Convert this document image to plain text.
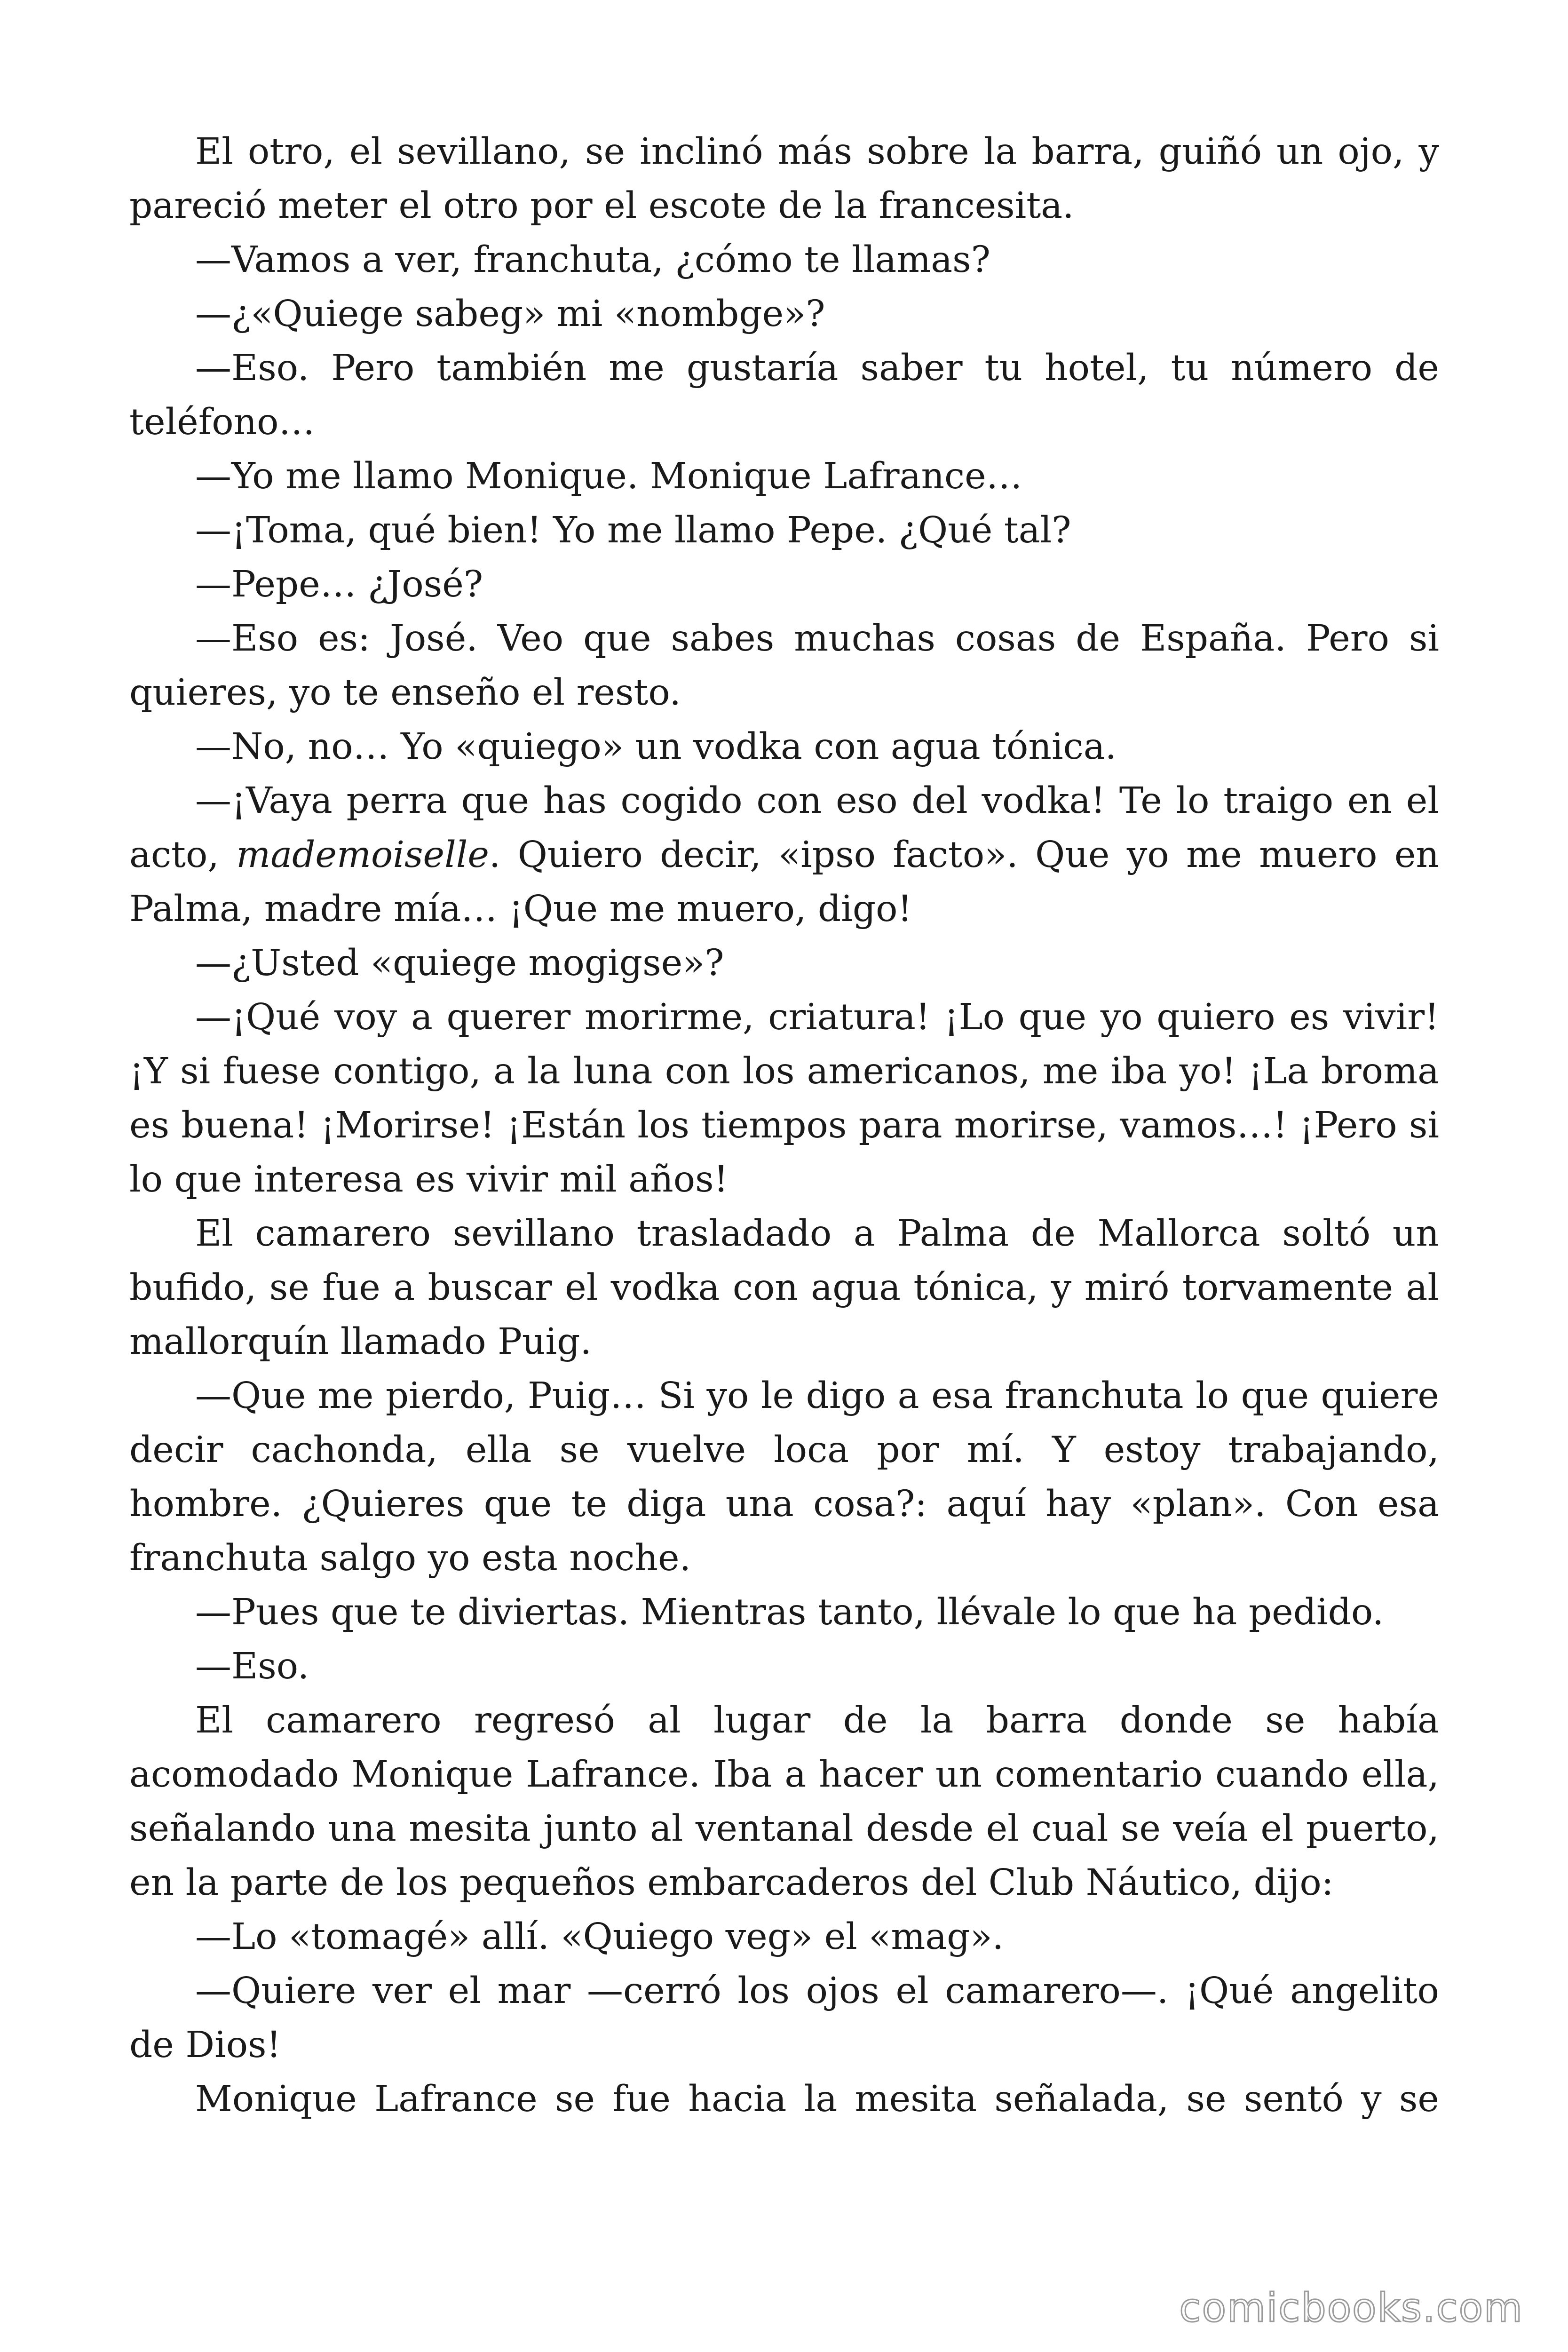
El otro, el sevillano, se inclinó más sobre la barra, guiñó un ojo, y pareció meter el otro por el escote de la francesita.

—Vamos a ver, franchuta, ¿cómo te llamas?

—¿«Quiege sabeg» mi «nombge»?

—Eso. Pero también me gustaría saber tu hotel, tu número de teléfono…

—Yo me llamo Monique. Monique Lafrance…

—¡Toma, qué bien! Yo me llamo Pepe. ¿Qué tal?

—Pepe… ¿José?

—Eso es: José. Veo que sabes muchas cosas de España. Pero si quieres, yo te enseño el resto.

—No, no… Yo «quiego» un vodka con agua tónica.

—¡Vaya perra que has cogido con eso del vodka! Te lo traigo en el acto, mademoiselle. Quiero decir, «ipso facto». Que yo me muero en Palma, madre mía… ¡Que me muero, digo!

—¿Usted «quiege mogigse»?

—¡Qué voy a querer morirme, criatura! ¡Lo que yo quiero es vivir! ¡Y si fuese contigo, a la luna con los americanos, me iba yo! ¡La broma es buena! ¡Morirse! ¡Están los tiempos para morirse, vamos…! ¡Pero si lo que interesa es vivir mil años!

El camarero sevillano trasladado a Palma de Mallorca soltó un bufido, se fue a buscar el vodka con agua tónica, y miró torvamente al mallorquín llamado Puig.

—Que me pierdo, Puig… Si yo le digo a esa franchuta lo que quiere decir cachonda, ella se vuelve loca por mí. Y estoy trabajando, hombre. ¿Quieres que te diga una cosa?: aquí hay «plan». Con esa franchuta salgo yo esta noche.

—Pues que te diviertas. Mientras tanto, llévale lo que ha pedido.

—Eso.

El camarero regresó al lugar de la barra donde se había acomodado Monique Lafrance. Iba a hacer un comentario cuando ella, señalando una mesita junto al ventanal desde el cual se veía el puerto, en la parte de los pequeños embarcaderos del Club Náutico, dijo:

—Lo «tomagé» allí. «Quiego veg» el «mag».

—Quiere ver el mar —cerró los ojos el camarero—. ¡Qué angelito de Dios!

Monique Lafrance se fue hacia la mesita señalada, se sentó y se

comicbooks.com
